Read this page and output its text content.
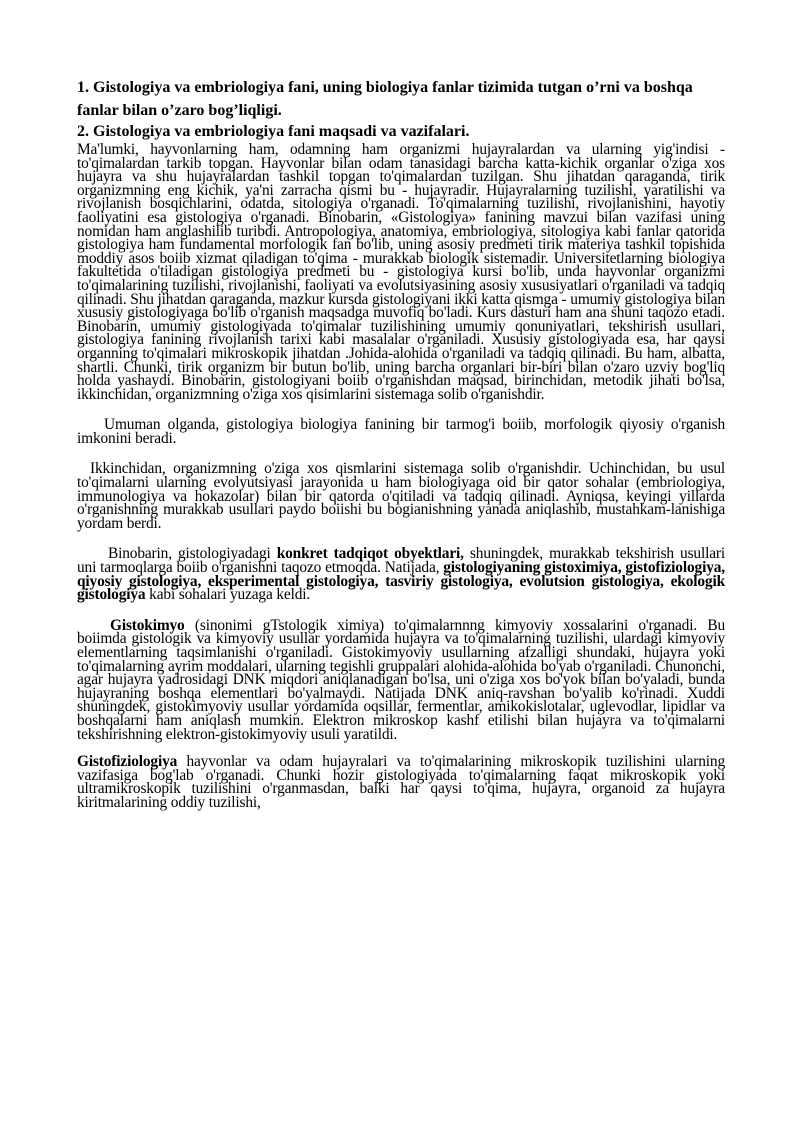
1. Gistologiya va embriologiya fani, uning biologiya fanlar tizimida tutgan o’rni va boshqa fanlar bilan o’zaro bog’liqligi.

2. Gistologiya va embriologiya fani maqsadi va vazifalari.

Ma'lumki, hayvonlarning ham, odamning ham organizmi hujayralardan va ularning yig'indisi - to'qimalardan tarkib topgan. Hayvonlar bilan odam tanasidagi barcha katta-kichik organlar o'ziga xos hujayra va shu hujayralardan tashkil topgan to'qimalardan tuzilgan. Shu jihatdan qaraganda, tirik organizmning eng kichik, ya'ni zarracha qismi bu - hujayradir. Hujayralarning tuzilishi, yaratilishi va rivojlanish bosqichlarini, odatda, sitologiya o'rganadi. To'qimalarning tuzilishi, rivojlanishini, hayotiy faoliyatini esa gistologiya o'rganadi. Binobarin, «Gistologiya» fanining mavzui bilan vazifasi uning nomidan ham anglashilib turibdi. Antropologiya, anatomiya, embriologiya, sitologiya kabi fanlar qatorida gistologiya ham fundamental morfologik fan bo'lib, uning asosiy predmeti tirik materiya tashkil topishida moddiy asos boiib xizmat qiladigan to'qima - murakkab biologik sistemadir. Universitetlarning biologiya fakultetida o'tiladigan gistologiya predmeti bu - gistologiya kursi bo'lib, unda hayvonlar organizmi to'qimalarining tuzilishi, rivojlanishi, faoliyati va evolutsiyasining asosiy xususiyatlari o'rganiladi va tadqiq qilinadi. Shu jihatdan qaraganda, mazkur kursda gistologiyani ikki katta qismga - umumiy gistologiya bilan xususiy gistologiyaga bo'lib o'rganish maqsadga muvofiq bo'ladi. Kurs dasturi ham ana shuni taqozo etadi. Binobarin, umumiy gistologiyada to'qimalar tuzilishining umumiy qonuniyatlari, tekshirish usullari, gistologiya fanining rivojlanish tarixi kabi masalalar o'rganiladi. Xususiy gistologiyada esa, har qaysi organning to'qimalari mikroskopik jihatdan .Johida-alohida o'rganiladi va tadqiq qilinadi. Bu ham, albatta, shartli. Chunki, tirik organizm bir butun bo'lib, uning barcha organlari bir-biri bilan o'zaro uzviy bog'liq holda yashaydi. Binobarin, gistologiyani boiib o'rganishdan maqsad, birinchidan, metodik jihati bo'lsa, ikkinchidan, organizmning o'ziga xos qisimlarini sistemaga solib o'rganishdir.

Umuman olganda, gistologiya biologiya fanining bir tarmog'i boiib, morfologik qiyosiy o'rganish imkonini beradi.

Ikkinchidan, organizmning o'ziga xos qismlarini sistemaga solib o'rganishdir. Uchinchidan, bu usul to'qimalarni ularning evolyutsiyasi jarayonida u ham biologiyaga oid bir qator sohalar (embriologiya, immunologiya va hokazolar) bilan bir qatorda o'qitiladi va tadqiq qilinadi. Ayniqsa, keyingi yillarda o'rganishning murakkab usullari paydo boiishi bu bogianishning yanada aniqlashib, mustahkam-lanishiga yordam berdi.

Binobarin, gistologiyadagi konkret tadqiqot obyektlari, shuningdek, murakkab tekshirish usullari uni tarmoqlarga boiib o'rganishni taqozo etmoqda. Natijada, gistologiyaning gistoximiya, gistofiziologiya, qiyosiy gistologiya, eksperimental gistologiya, tasviriy gistologiya, evolutsion gistologiya, ekologik gistologiya kabi sohalari yuzaga keldi.

Gistokimyo (sinonimi gTstologik ximiya) to'qimalarnnng kimyoviy xossalarini o'rganadi. Bu boiimda gistologik va kimyoviy usullar yordamida hujayra va to'qimalarning tuzilishi, ulardagi kimyoviy elementlarning taqsimlanishi o'rganiladi. Gistokimyoviy usullarning afzalligi shundaki, hujayra yoki to'qimalarning ayrim moddalari, ularning tegishli gruppalari alohida-alohida bo'yab o'rganiladi. Chunonchi, agar hujayra yadrosidagi DNK miqdori aniqlanadigan bo'lsa, uni o'ziga xos bo'yok bilan bo'yaladi, bunda hujayraning boshqa elementlari bo'yalmaydi. Natijada DNK aniq-ravshan bo'yalib ko'rinadi. Xuddi shuningdek, gistokimyoviy usullar yordamida oqsillar, fermentlar, amikokislotalar, uglevodlar, lipidlar va boshqalarni ham aniqlash mumkin. Elektron mikroskop kashf etilishi bilan hujayra va to'qimalarni tekshirishning elektron-gistokimyoviy usuli yaratildi.

Gistofiziologiya hayvonlar va odam hujayralari va to'qimalarining mikroskopik tuzilishini ularning vazifasiga bog'lab o'rganadi. Chunki hozir gistologiyada to'qimalarning faqat mikroskopik yoki ultramikroskopik tuzilishini o'rganmasdan, balki har qaysi to'qima, hujayra, organoid za hujayra kiritmalarining oddiy tuzilishi,
